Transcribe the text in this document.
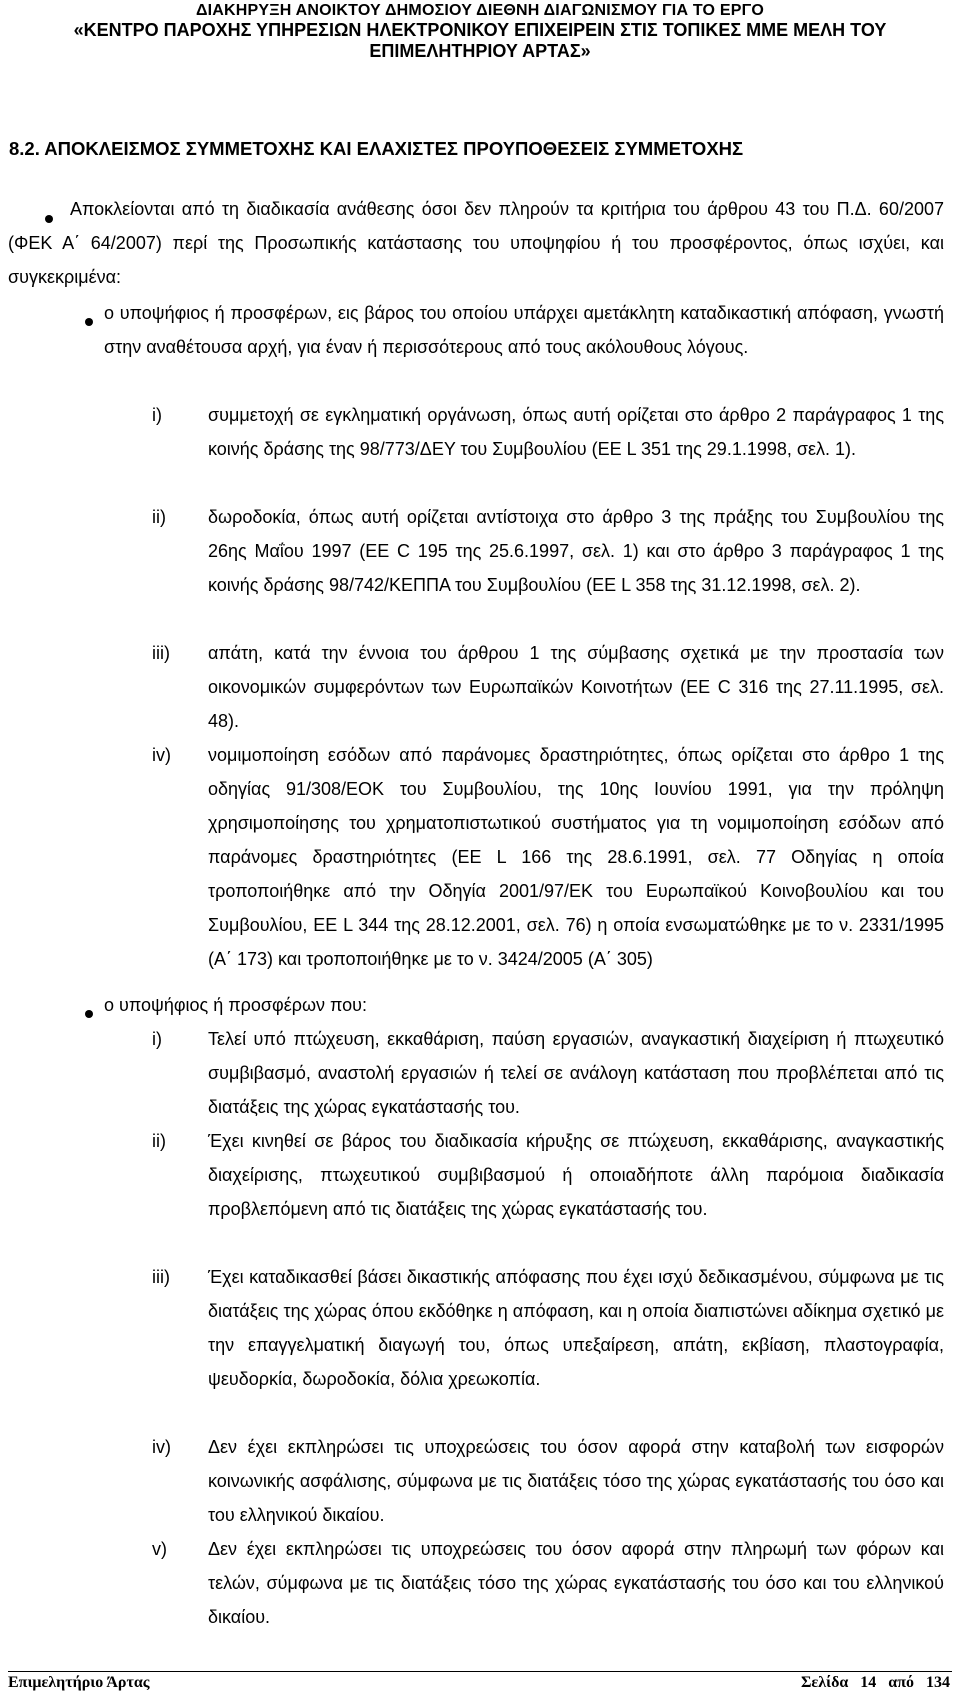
ΔΙΑΚΗΡΥΞΗ ΑΝΟΙΚΤΟΥ ΔΗΜΟΣΙΟΥ ΔΙΕΘΝΗ ΔΙΑΓΩΝΙΣΜΟΥ ΓΙΑ ΤΟ ΕΡΓΟ
«ΚΕΝΤΡΟ ΠΑΡΟΧΗΣ ΥΠΗΡΕΣΙΩΝ ΗΛΕΚΤΡΟΝΙΚΟΥ ΕΠΙΧΕΙΡΕΙΝ ΣΤΙΣ ΤΟΠΙΚΕΣ ΜΜΕ ΜΕΛΗ ΤΟΥ
ΕΠΙΜΕΛΗΤΗΡΙΟΥ ΑΡΤΑΣ»
8.2. ΑΠΟΚΛΕΙΣΜΟΣ ΣΥΜΜΕΤΟΧΗΣ ΚΑΙ ΕΛΑΧΙΣΤΕΣ ΠΡΟΥΠΟΘΕΣΕΙΣ ΣΥΜΜΕΤΟΧΗΣ
Αποκλείονται από τη διαδικασία ανάθεσης όσοι δεν πληρούν τα κριτήρια του άρθρου 43 του Π.Δ. 60/2007 (ΦΕΚ Α΄ 64/2007) περί της Προσωπικής κατάστασης του υποψηφίου ή του προσφέροντος, όπως ισχύει, και συγκεκριμένα:
ο υποψήφιος ή προσφέρων, εις βάρος του οποίου υπάρχει αμετάκλητη καταδικαστική απόφαση, γνωστή στην αναθέτουσα αρχή, για έναν ή περισσότερους από τους ακόλουθους λόγους.
i)	συμμετοχή σε εγκληματική οργάνωση, όπως αυτή ορίζεται στο άρθρο 2 παράγραφος 1 της κοινής δράσης της 98/773/ΔΕΥ του Συμβουλίου (ΕΕ L 351 της 29.1.1998, σελ. 1).
ii) δωροδοκία, όπως αυτή ορίζεται αντίστοιχα στο άρθρο 3 της πράξης του Συμβουλίου της 26ης Μαΐου 1997 (ΕΕ C 195 της 25.6.1997, σελ. 1) και στο άρθρο 3 παράγραφος 1 της κοινής δράσης 98/742/ΚΕΠΠΑ του Συμβουλίου (ΕΕ L 358 της 31.12.1998, σελ. 2).
iii) απάτη, κατά την έννοια του άρθρου 1 της σύμβασης σχετικά με την προστασία των οικονομικών συμφερόντων των Ευρωπαϊκών Κοινοτήτων (ΕΕ C 316 της 27.11.1995, σελ. 48).
iv) νομιμοποίηση εσόδων από παράνομες δραστηριότητες, όπως ορίζεται στο άρθρο 1 της οδηγίας 91/308/ΕΟΚ του Συμβουλίου, της 10ης Ιουνίου 1991, για την πρόληψη χρησιμοποίησης του χρηματοπιστωτικού συστήματος για τη νομιμοποίηση εσόδων από παράνομες δραστηριότητες (ΕΕ L 166 της 28.6.1991, σελ. 77 Οδηγίας η οποία τροποποιήθηκε από την Οδηγία 2001/97/ΕΚ του Ευρωπαϊκού Κοινοβουλίου και του Συμβουλίου, ΕΕ L 344 της 28.12.2001, σελ. 76) η οποία ενσωματώθηκε με το ν. 2331/1995 (Α΄ 173) και τροποποιήθηκε με το ν. 3424/2005 (Α΄ 305)
ο υποψήφιος ή προσφέρων που:
i)	Τελεί υπό πτώχευση, εκκαθάριση, παύση εργασιών, αναγκαστική διαχείριση ή πτωχευτικό συμβιβασμό, αναστολή εργασιών ή τελεί σε ανάλογη κατάσταση που προβλέπεται από τις διατάξεις της χώρας εγκατάστασής του.
ii) Έχει κινηθεί σε βάρος του διαδικασία κήρυξης σε πτώχευση, εκκαθάρισης, αναγκαστικής διαχείρισης, πτωχευτικού συμβιβασμού ή οποιαδήποτε άλλη παρόμοια διαδικασία προβλεπόμενη από τις διατάξεις της χώρας εγκατάστασής του.
iii) Έχει καταδικασθεί βάσει δικαστικής απόφασης που έχει ισχύ δεδικασμένου, σύμφωνα με τις διατάξεις της χώρας όπου εκδόθηκε η απόφαση, και η οποία διαπιστώνει αδίκημα σχετικό με την επαγγελματική διαγωγή του, όπως υπεξαίρεση, απάτη, εκβίαση, πλαστογραφία, ψευδορκία, δωροδοκία, δόλια χρεωκοπία.
iv) Δεν έχει εκπληρώσει τις υποχρεώσεις του όσον αφορά στην καταβολή των εισφορών κοινωνικής ασφάλισης, σύμφωνα με τις διατάξεις τόσο της χώρας εγκατάστασής του όσο και του ελληνικού δικαίου.
v) Δεν έχει εκπληρώσει τις υποχρεώσεις του όσον αφορά στην πληρωμή των φόρων και τελών, σύμφωνα με τις διατάξεις τόσο της χώρας εγκατάστασής του όσο και του ελληνικού δικαίου.
Επιμελητήριο Άρτας	Σελίδα 14 από 134
